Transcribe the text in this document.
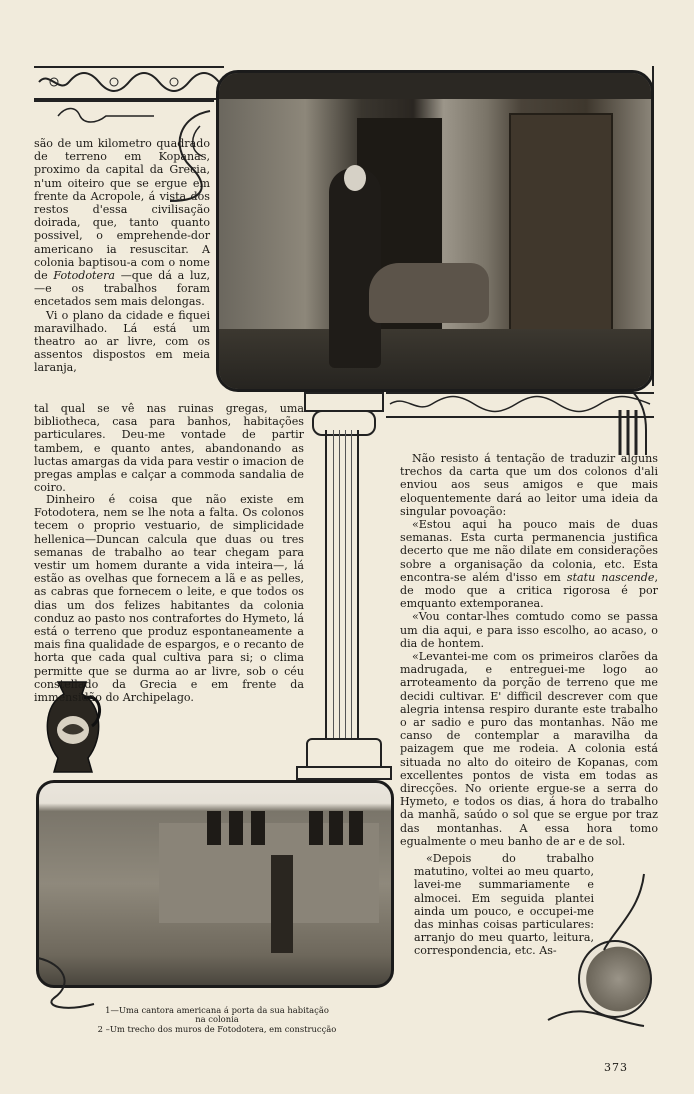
são de um kilometro quadrado de terreno em Kopanas, proximo da capital da Grecia, n'um oiteiro que se ergue em frente da Acropole, á vista dos restos d'essa civilisação doirada, que, tanto quanto possivel, o emprehende-dor americano ia resuscitar. A colonia baptisou-a com o nome de Fotodotera —que dá a luz,—e os trabalhos foram encetados sem mais delongas.

Vi o plano da cidade e fiquei maravilhado. Lá está um theatro ao ar livre, com os assentos dispostos em meia laranja,

tal qual se vê nas ruinas gregas, uma bibliotheca, casa para banhos, habitações particulares. Deu-me vontade de partir tambem, e quanto antes, abandonando as luctas amargas da vida para vestir o imacion de pregas amplas e calçar a commoda sandalia de coiro.

Dinheiro é coisa que não existe em Fotodotera, nem se lhe nota a falta. Os colonos tecem o proprio vestuario, de simplicidade hellenica—Duncan calcula que duas ou tres semanas de trabalho ao tear chegam para vestir um homem durante a vida inteira—, lá estão as ovelhas que fornecem a lã e as pelles, as cabras que fornecem o leite, e que todos os dias um dos felizes habitantes da colonia conduz ao pasto nos contrafortes do Hymeto, lá está o terreno que produz espontaneamente a mais fina qualidade de espargos, e o recanto de horta que cada qual cultiva para si; o clima permitte que se durma ao ar livre, sob o céu constellado da Grecia e em frente da immensidão do Archipelago.

Não resisto á tentação de traduzir alguns trechos da carta que um dos colonos d'ali enviou aos seus amigos e que mais eloquentemente dará ao leitor uma ideia da singular povoação:

«Estou aqui ha pouco mais de duas semanas. Esta curta permanencia justifica decerto que me não dilate em considerações sobre a organisação da colonia, etc. Esta encontra-se além d'isso em statu nascende, de modo que a critica rigorosa é por emquanto extemporanea.

«Vou contar-lhes comtudo como se passa um dia aqui, e para isso escolho, ao acaso, o dia de hontem.

«Levantei-me com os primeiros clarões da madrugada, e entreguei-me logo ao arroteamento da porção de terreno que me decidi cultivar. E' difficil descrever com que alegria intensa respiro durante este trabalho o ar sadio e puro das montanhas. Não me canso de contemplar a maravilha da paizagem que me rodeia. A colonia está situada no alto do oiteiro de Kopanas, com excellentes pontos de vista em todas as direcções. No oriente ergue-se a serra do Hymeto, e todos os dias, á hora do trabalho da manhã, saúdo o sol que se ergue por traz das montanhas. A essa hora tomo egualmente o meu banho de ar e de sol.

«Depois do trabalho matutino, voltei ao meu quarto, lavei-me summariamente e almocei. Em seguida plantei ainda um pouco, e occupei-me das minhas coisas particulares: arranjo do meu quarto, leitura, correspondencia, etc. As-

1—Uma cantora americana á porta da sua habitação

na colonia

2 –Um trecho dos muros de Fotodotera, em construcção

373
